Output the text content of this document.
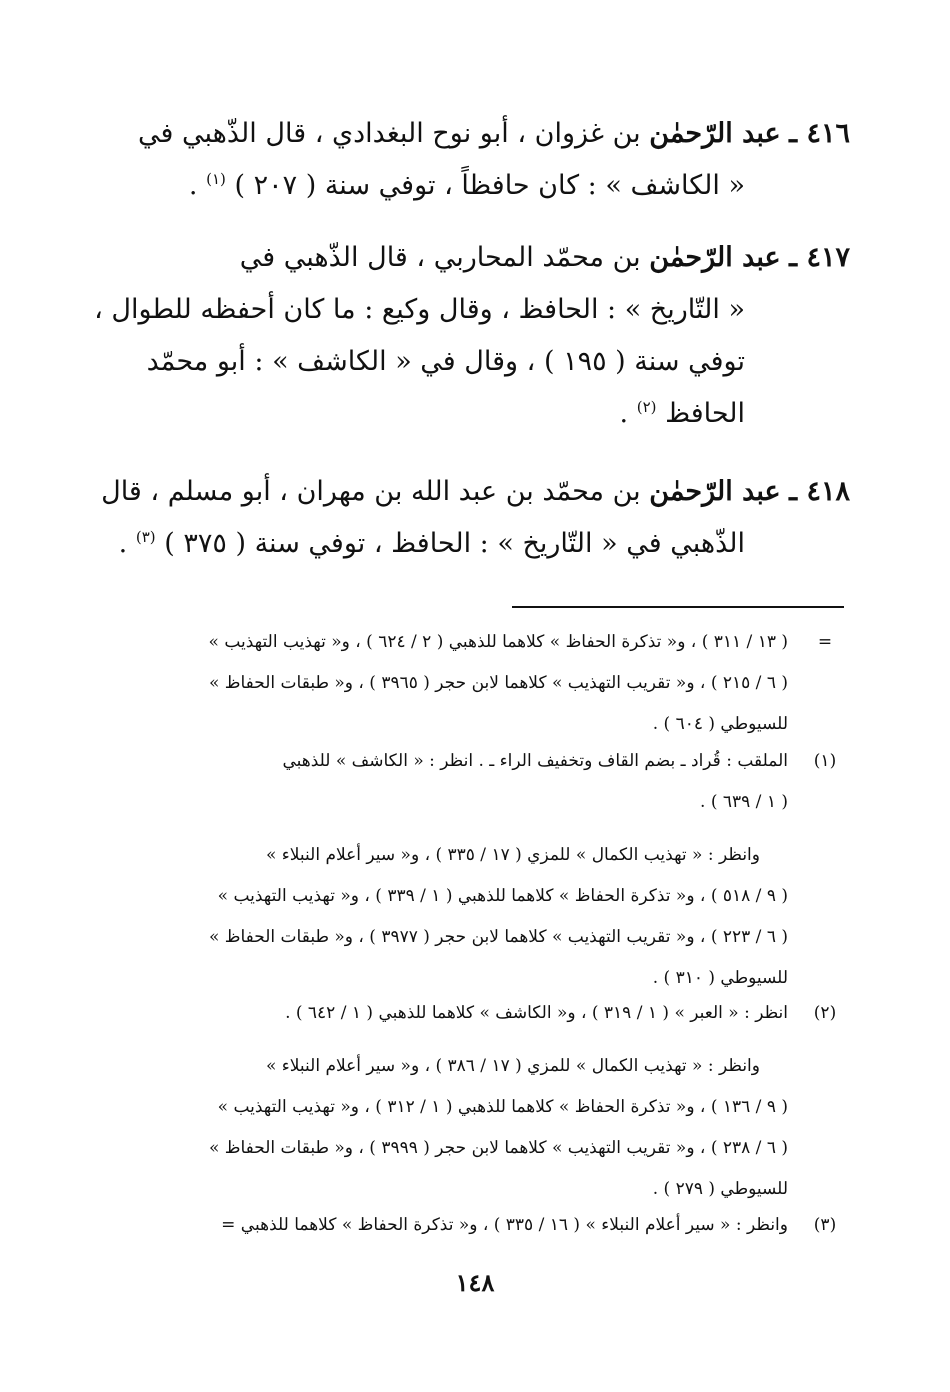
٤١٦ ـ عبد الرّحمٰن بن غزوان ، أبو نوح البغدادي ، قال الذّهبي في
« الكاشف » : كان حافظاً ، توفي سنة ( ٢٠٧ ) $^{(١)}$ .
٤١٧ ـ عبد الرّحمٰن بن محمّد المحاربي ، قال الذّهبي في
« التّاريخ » : الحافظ ، وقال وكيع : ما كان أحفظه للطوال ،
توفي سنة ( ١٩٥ ) ، وقال في « الكاشف » : أبو محمّد
الحافظ $^{(٢)}$ .
٤١٨ ـ عبد الرّحمٰن بن محمّد بن عبد الله بن مهران ، أبو مسلم ، قال
الذّهبي في « التّاريخ » : الحافظ ، توفي سنة ( ٣٧٥ ) $^{(٣)}$ .
=
( ١٣ / ٣١١ ) ، و« تذكرة الحفاظ » كلاهما للذهبي ( ٢ / ٦٢٤ ) ، و« تهذيب التهذيب »
( ٦ / ٢١٥ ) ، و« تقريب التهذيب » كلاهما لابن حجر ( ٣٩٦٥ ) ، و« طبقات الحفاظ »
للسيوطي ( ٦٠٤ ) .
(١)
الملقب : قُراد ـ بضم القاف وتخفيف الراء ـ . انظر : « الكاشف » للذهبي
( ١ / ٦٣٩ ) .
وانظر : « تهذيب الكمال » للمزي ( ١٧ / ٣٣٥ ) ، و« سير أعلام النبلاء »
( ٩ / ٥١٨ ) ، و« تذكرة الحفاظ » كلاهما للذهبي ( ١ / ٣٣٩ ) ، و« تهذيب التهذيب »
( ٦ / ٢٢٣ ) ، و« تقريب التهذيب » كلاهما لابن حجر ( ٣٩٧٧ ) ، و« طبقات الحفاظ »
للسيوطي ( ٣١٠ ) .
(٢)
انظر : « العبر » ( ١ / ٣١٩ ) ، و« الكاشف » كلاهما للذهبي ( ١ / ٦٤٢ ) .
وانظر : « تهذيب الكمال » للمزي ( ١٧ / ٣٨٦ ) ، و« سير أعلام النبلاء »
( ٩ / ١٣٦ ) ، و« تذكرة الحفاظ » كلاهما للذهبي ( ١ / ٣١٢ ) ، و« تهذيب التهذيب »
( ٦ / ٢٣٨ ) ، و« تقريب التهذيب » كلاهما لابن حجر ( ٣٩٩٩ ) ، و« طبقات الحفاظ »
للسيوطي ( ٢٧٩ ) .
(٣)
وانظر : « سير أعلام النبلاء » ( ١٦ / ٣٣٥ ) ، و« تذكرة الحفاظ » كلاهما للذهبي =
١٤٨
